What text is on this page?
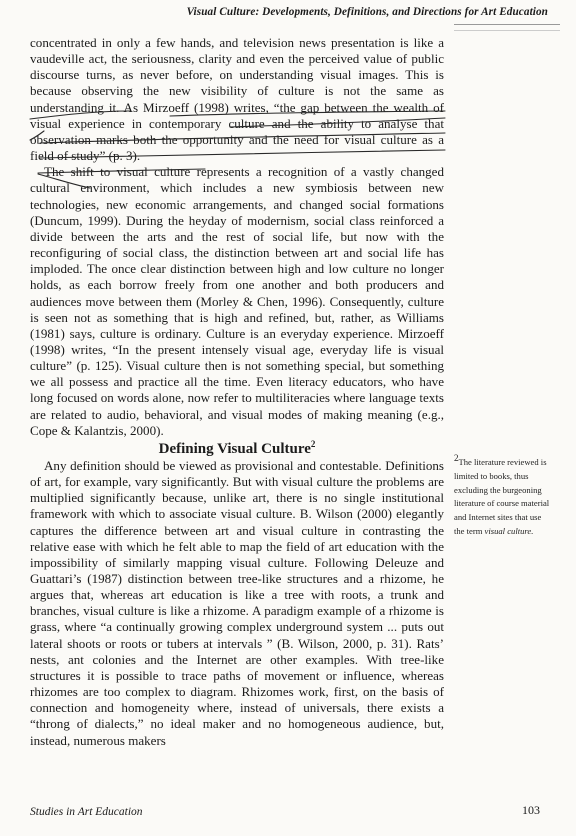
Visual Culture: Developments, Definitions, and Directions for Art Education

concentrated in only a few hands, and television news presentation is like a vaudeville act, the seriousness, clarity and even the perceived value of public discourse turns, as never before, on understanding visual images. This is because observing the new visibility of culture is not the same as understanding it. As Mirzoeff (1998) writes, “the gap between the wealth of visual experience in contemporary culture and the ability to analyse that observation marks both the opportunity and the need for visual culture as a field of study” (p. 3).

The shift to visual culture represents a recognition of a vastly changed cultural environment, which includes a new symbiosis between new technologies, new economic arrangements, and changed social formations (Duncum, 1999). During the heyday of modernism, social class reinforced a divide between the arts and the rest of social life, but now with the reconfiguring of social class, the distinction between art and social life has imploded. The once clear distinction between high and low culture no longer holds, as each borrow freely from one another and both producers and audiences move between them (Morley & Chen, 1996). Consequently, culture is seen not as something that is high and refined, but, rather, as Williams (1981) says, culture is ordinary. Culture is an everyday experience. Mirzoeff (1998) writes, “In the present intensely visual age, everyday life is visual culture” (p. 125). Visual culture then is not something special, but something we all possess and practice all the time. Even literacy educators, who have long focused on words alone, now refer to multiliteracies where language texts are related to audio, behavioral, and visual modes of making meaning (e.g., Cope & Kalantzis, 2000).

Defining Visual Culture$^2$

Any definition should be viewed as provisional and contestable. Definitions of art, for example, vary significantly. But with visual culture the problems are multiplied significantly because, unlike art, there is no single institutional framework with which to associate visual culture. B. Wilson (2000) elegantly captures the difference between art and visual culture in contrasting the relative ease with which he felt able to map the field of art education with the impossibility of similarly mapping visual culture. Following Deleuze and Guattari’s (1987) distinction between tree-like structures and a rhizome, he argues that, whereas art education is like a tree with roots, a trunk and branches, visual culture is like a rhizome. A paradigm example of a rhizome is grass, where “a continually growing complex underground system ... puts out lateral shoots or roots or tubers at intervals ” (B. Wilson, 2000, p. 31). Rats’ nests, ant colonies and the Internet are other examples. With tree-like structures it is possible to trace paths of movement or influence, whereas rhizomes are too complex to diagram. Rhizomes work, first, on the basis of connection and homogeneity where, instead of universals, there exists a “throng of dialects,” no ideal maker and no homogeneous audience, but, instead, numerous makers

$^2$The literature reviewed is limited to books, thus excluding the burgeoning literature of course material and Internet sites that use the term visual culture.
Studies in Art Education	103
